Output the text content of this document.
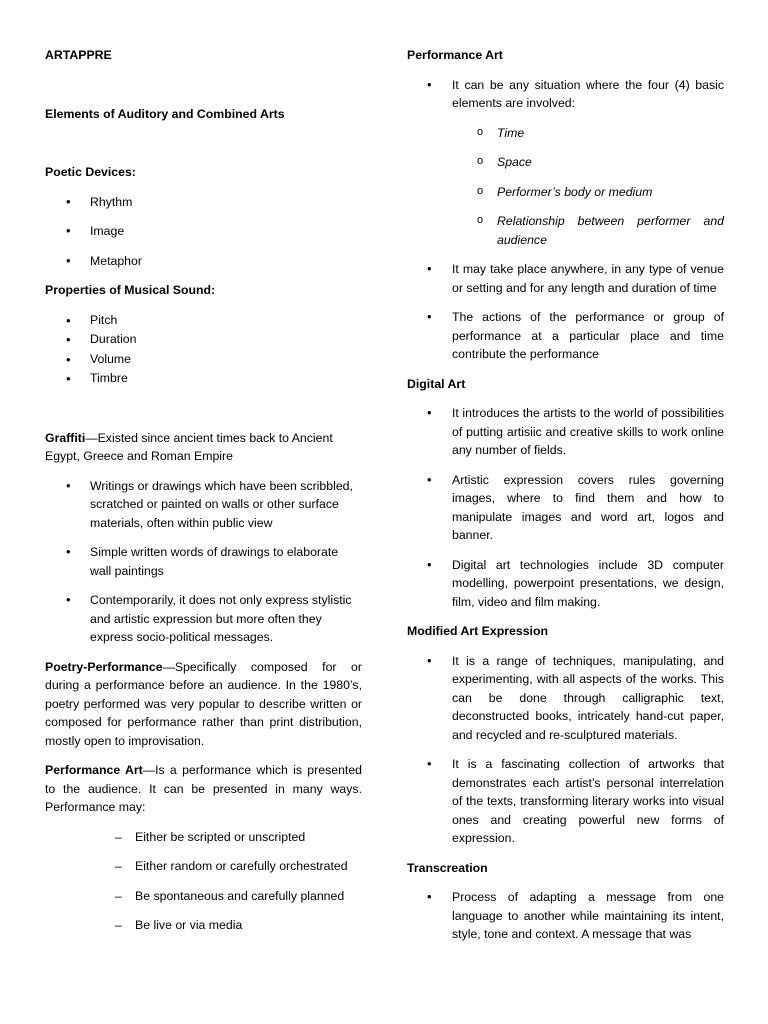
ARTAPPRE

Elements of Auditory and Combined Arts

Poetic Devices:

• Rhythm
• Image
• Metaphor

Properties of Musical Sound:

• Pitch
• Duration
• Volume
• Timbre

Graffiti—Existed since ancient times back to Ancient Egypt, Greece and Roman Empire

• Writings or drawings which have been scribbled, scratched or painted on walls or other surface materials, often within public view
• Simple written words of drawings to elaborate wall paintings
• Contemporarily, it does not only express stylistic and artistic expression but more often they express socio-political messages.

Poetry-Performance—Specifically composed for or during a performance before an audience. In the 1980’s, poetry performed was very popular to describe written or composed for performance rather than print distribution, mostly open to improvisation.

Performance Art—Is a performance which is presented to the audience. It can be presented in many ways. Performance may:

– Either be scripted or unscripted
– Either random or carefully orchestrated
– Be spontaneous and carefully planned
– Be live or via media

Performance Art

• It can be any situation where the four (4) basic elements are involved:
o Time
o Space
o Performer’s body or medium
o Relationship between performer and audience
• It may take place anywhere, in any type of venue or setting and for any length and duration of time
• The actions of the performance or group of performance at a particular place and time contribute the performance

Digital Art

• It introduces the artists to the world of possibilities of putting artisiic and creative skills to work online any number of fields.
• Artistic expression covers rules governing images, where to find them and how to manipulate images and word art, logos and banner.
• Digital art technologies include 3D computer modelling, powerpoint presentations, we design, film, video and film making.

Modified Art Expression

• It is a range of techniques, manipulating, and experimenting, with all aspects of the works. This can be done through calligraphic text, deconstructed books, intricately hand-cut paper, and recycled and re-sculptured materials.
• It is a fascinating collection of artworks that demonstrates each artist’s personal interrelation of the texts, transforming literary works into visual ones and creating powerful new forms of expression.

Transcreation

• Process of adapting a message from one language to another while maintaining its intent, style, tone and context. A message that was
